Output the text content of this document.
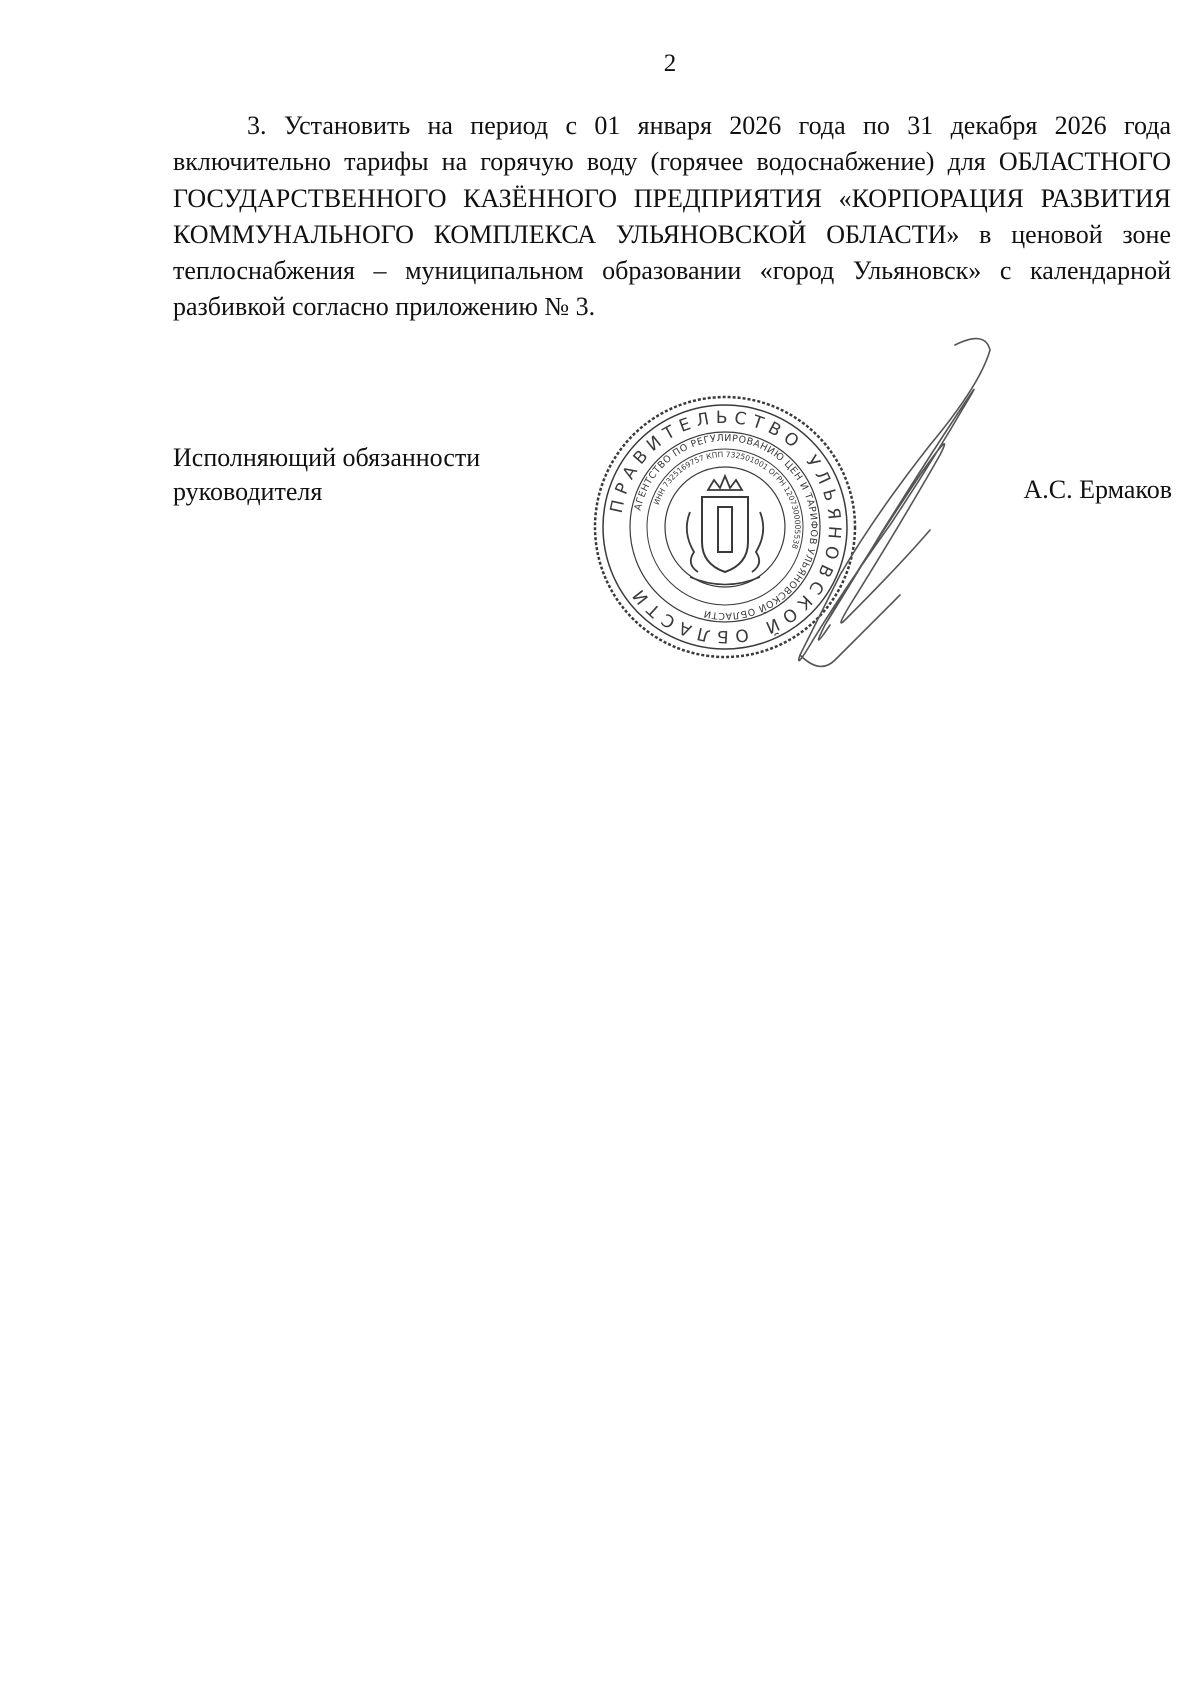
2

3. Установить на период с 01 января 2026 года по 31 декабря 2026 года включительно тарифы на горячую воду (горячее водоснабжение) для ОБЛАСТНОГО ГОСУДАРСТВЕННОГО КАЗЁННОГО ПРЕДПРИЯТИЯ «КОРПОРАЦИЯ РАЗВИТИЯ КОММУНАЛЬНОГО КОМПЛЕКСА УЛЬЯНОВСКОЙ ОБЛАСТИ» в ценовой зоне теплоснабжения – муниципальном образовании «город Ульяновск» с календарной разбивкой согласно приложению № 3.

Исполняющий обязанности
руководителя	А.С. Ермаков
ПРАВИТЕЛЬСТВО УЛЬЯНОВСКОЙ ОБЛАСТИ
АГЕНТСТВО ПО РЕГУЛИРОВАНИЮ ЦЕН И ТАРИФОВ УЛЬЯНОВСКОЙ ОБЛАСТИ
ИНН 7325169757 КПП 732501001 ОГРН 1207300005538
